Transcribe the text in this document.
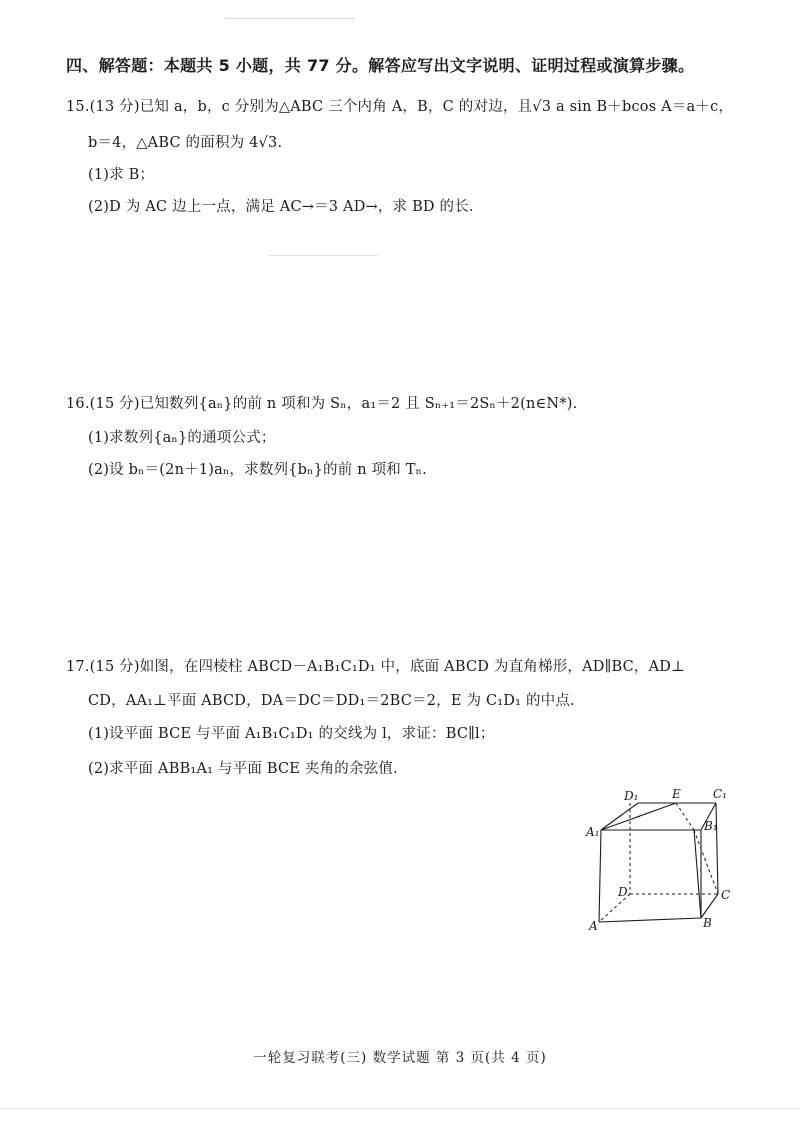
四、解答题：本题共 5 小题，共 77 分。解答应写出文字说明、证明过程或演算步骤。
15.(13 分)已知 a，b，c 分别为△ABC 三个内角 A，B，C 的对边，且√3 a sin B＋bcos A＝a＋c，
b＝4，△ABC 的面积为 4√3.
(1)求 B；
(2)D 为 AC 边上一点，满足 AC→＝3 AD→，求 BD 的长.
16.(15 分)已知数列{aₙ}的前 n 项和为 Sₙ，a₁＝2 且 Sₙ₊₁＝2Sₙ＋2(n∈N*).
(1)求数列{aₙ}的通项公式；
(2)设 bₙ＝(2n＋1)aₙ，求数列{bₙ}的前 n 项和 Tₙ.
17.(15 分)如图，在四棱柱 ABCD－A₁B₁C₁D₁ 中，底面 ABCD 为直角梯形，AD∥BC，AD⊥
CD，AA₁⊥平面 ABCD，DA＝DC＝DD₁＝2BC＝2，E 为 C₁D₁ 的中点.
(1)设平面 BCE 与平面 A₁B₁C₁D₁ 的交线为 l，求证：BC∥l；
(2)求平面 ABB₁A₁ 与平面 BCE 夹角的余弦值.
D₁	E	C₁
A₁	B₁
D	C
A	B
一轮复习联考(三) 数学试题 第 3 页(共 4 页)
